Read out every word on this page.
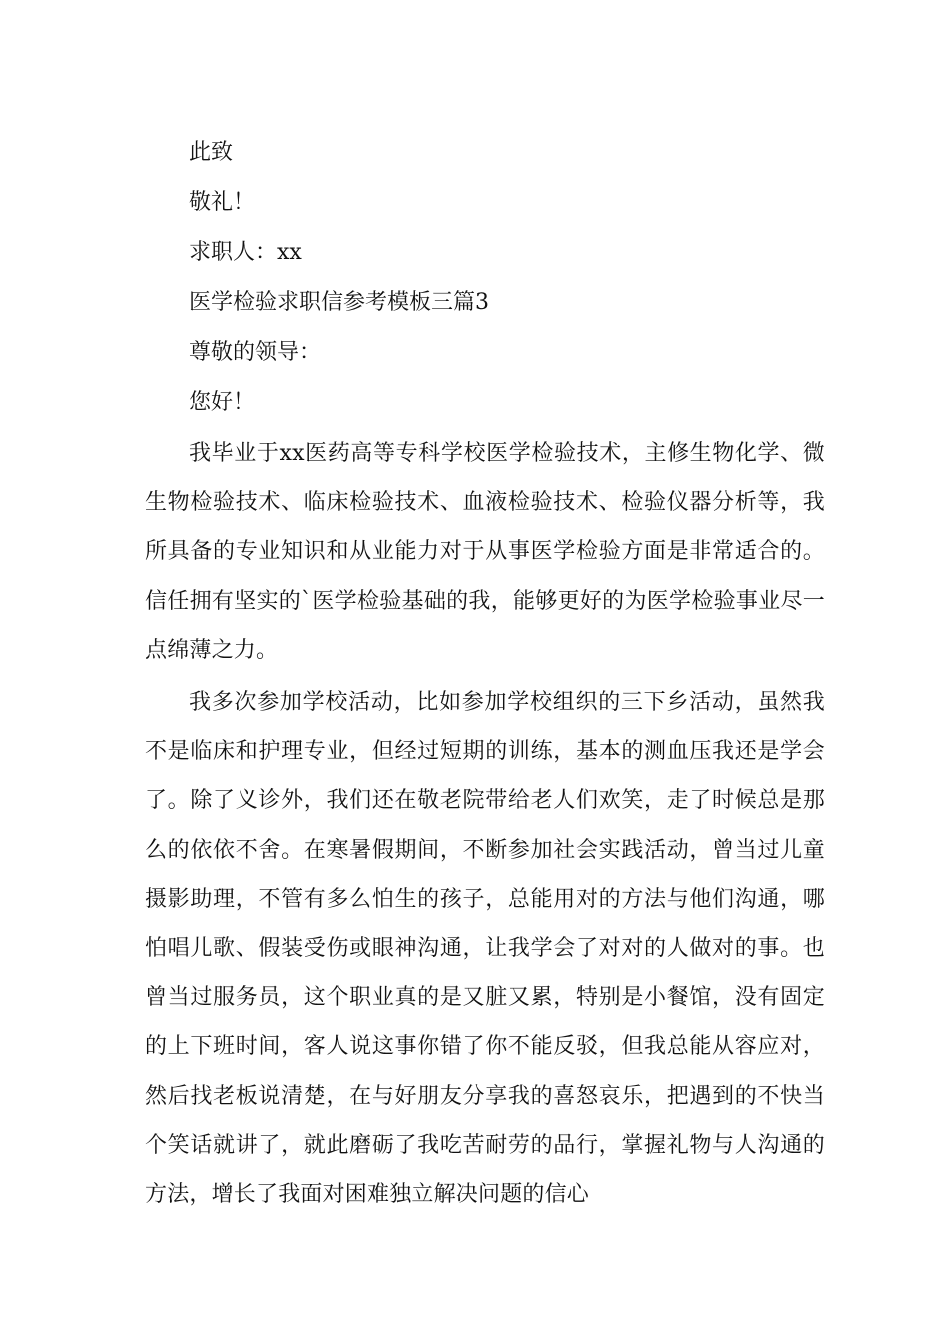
此致
敬礼！
求职人：xx
医学检验求职信参考模板三篇3
尊敬的领导：
您好！

我毕业于xx医药高等专科学校医学检验技术，主修生物化学、微生物检验技术、临床检验技术、血液检验技术、检验仪器分析等，我所具备的专业知识和从业能力对于从事医学检验方面是非常适合的。信任拥有坚实的`医学检验基础的我，能够更好的为医学检验事业尽一点绵薄之力。

我多次参加学校活动，比如参加学校组织的三下乡活动，虽然我不是临床和护理专业，但经过短期的训练，基本的测血压我还是学会了。除了义诊外，我们还在敬老院带给老人们欢笑，走了时候总是那么的依依不舍。在寒暑假期间，不断参加社会实践活动，曾当过儿童摄影助理，不管有多么怕生的孩子，总能用对的方法与他们沟通，哪怕唱儿歌、假装受伤或眼神沟通，让我学会了对对的人做对的事。也曾当过服务员，这个职业真的是又脏又累，特别是小餐馆，没有固定的上下班时间，客人说这事你错了你不能反驳，但我总能从容应对，然后找老板说清楚，在与好朋友分享我的喜怒哀乐，把遇到的不快当个笑话就讲了，就此磨砺了我吃苦耐劳的品行，掌握礼物与人沟通的方法，增长了我面对困难独立解决问题的信心
